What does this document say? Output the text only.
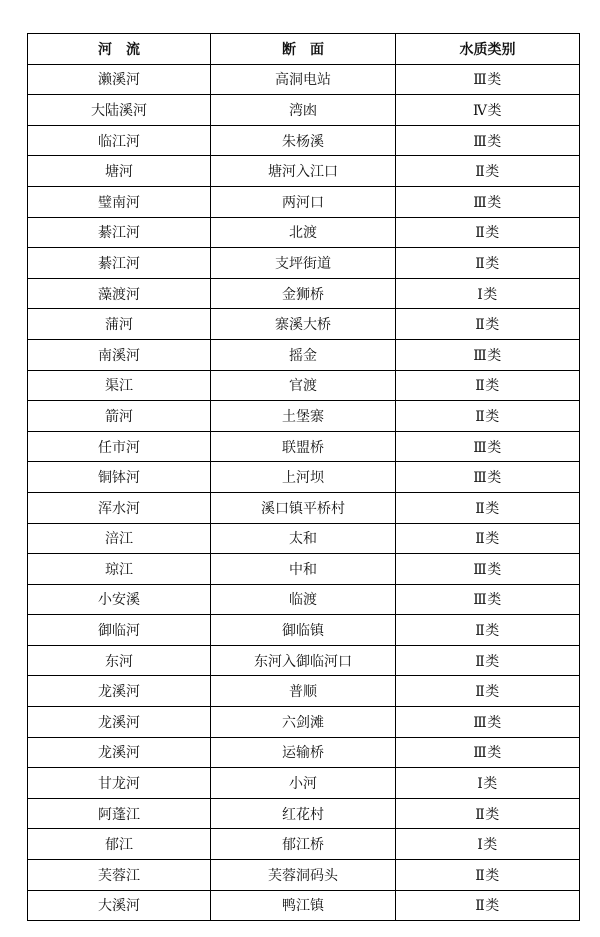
河　流	断　面	水质类别
濑溪河	高洞电站	Ⅲ类
大陆溪河	湾凼	Ⅳ类
临江河	朱杨溪	Ⅲ类
塘河	塘河入江口	Ⅱ类
璧南河	两河口	Ⅲ类
綦江河	北渡	Ⅱ类
綦江河	支坪街道	Ⅱ类
藻渡河	金狮桥	Ⅰ类
蒲河	寨溪大桥	Ⅱ类
南溪河	摇金	Ⅲ类
渠江	官渡	Ⅱ类
箭河	土堡寨	Ⅱ类
任市河	联盟桥	Ⅲ类
铜钵河	上河坝	Ⅲ类
浑水河	溪口镇平桥村	Ⅱ类
涪江	太和	Ⅱ类
琼江	中和	Ⅲ类
小安溪	临渡	Ⅲ类
御临河	御临镇	Ⅱ类
东河	东河入御临河口	Ⅱ类
龙溪河	普顺	Ⅱ类
龙溪河	六剑滩	Ⅲ类
龙溪河	运输桥	Ⅲ类
甘龙河	小河	Ⅰ类
阿蓬江	红花村	Ⅱ类
郁江	郁江桥	Ⅰ类
芙蓉江	芙蓉洞码头	Ⅱ类
大溪河	鸭江镇	Ⅱ类
